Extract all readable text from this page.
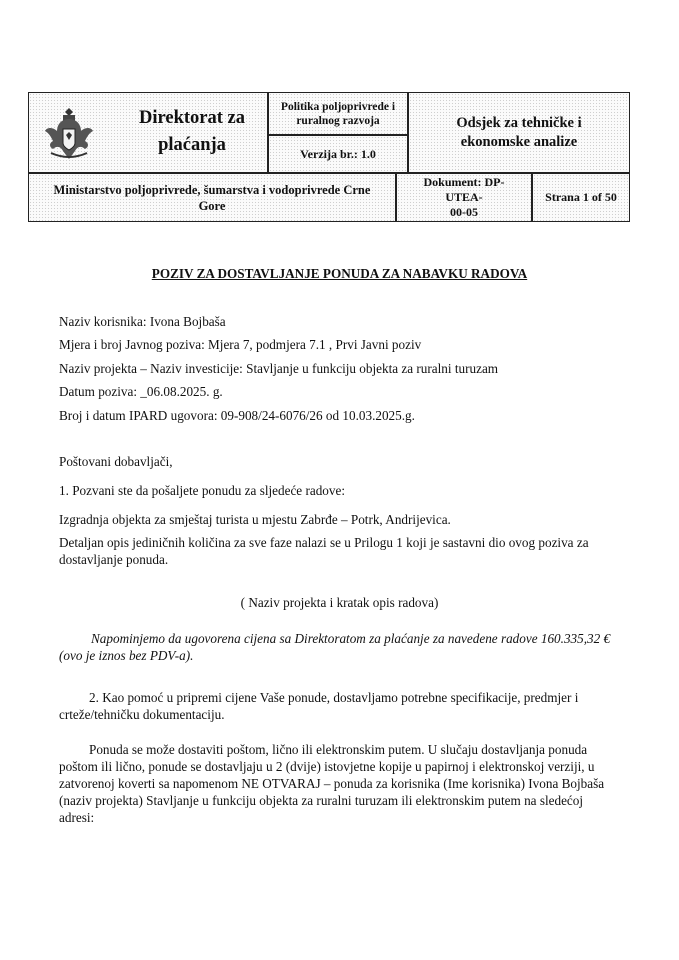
Direktorat za
plaćanja
Politika poljoprivrede i
ruralnog razvoja
Verzija br.: 1.0
Odsjek za tehničke i
ekonomske analize
Ministarstvo poljoprivrede, šumarstva i vodoprivrede Crne
Gore
Dokument: DP-UTEA-
00-05
Strana 1 of 50
POZIV ZA DOSTAVLJANJE PONUDA ZA NABAVKU RADOVA
Naziv korisnika: Ivona Bojbaša
Mjera i broj Javnog poziva: Mjera 7, podmjera 7.1 , Prvi Javni poziv
Naziv projekta – Naziv investicije: Stavljanje u funkciju objekta za ruralni turuzam
Datum poziva: _06.08.2025. g.
Broj i datum IPARD ugovora: 09-908/24-6076/26 od 10.03.2025.g.
Poštovani dobavljači,
1. Pozvani ste da pošaljete ponudu za sljedeće radove:
Izgradnja objekta za smještaj turista u mjestu Zabrđe – Potrk, Andrijevica.
Detaljan opis jediničnih količina za sve faze nalazi se u Prilogu 1 koji je sastavni dio ovog poziva za
dostavljanje ponuda.
( Naziv projekta i kratak opis radova)
Napominjemo da ugovorena cijena sa Direktoratom za plaćanje za navedene radove 160.335,32 €
(ovo je iznos bez PDV-a).
2. Kao pomoć u pripremi cijene Vaše ponude, dostavljamo potrebne specifikacije, predmjer i
crteže/tehničku dokumentaciju.
Ponuda se može dostaviti poštom, lično ili elektronskim putem. U slučaju dostavljanja ponuda
poštom ili lično, ponude se dostavljaju u 2 (dvije) istovjetne kopije u papirnoj i elektronskoj verziji, u
zatvorenoj koverti sa napomenom NE OTVARAJ – ponuda za korisnika (Ime korisnika) Ivona Bojbaša
(naziv projekta) Stavljanje u funkciju objekta za ruralni turuzam ili elektronskim putem na sledećoj
adresi:
